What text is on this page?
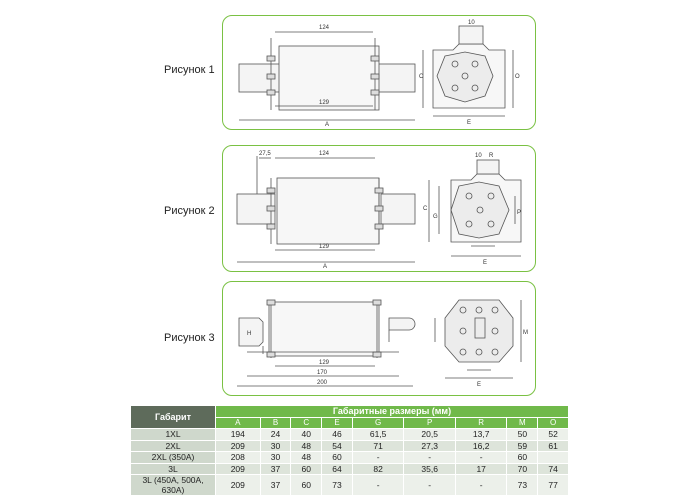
Рисунок 1
Рисунок 2
Рисунок 3
124
129
A
10
C	O
E
27,5	124
129
A
10 R
C
G
P
E
H
129
170
200
M
E
Габарит	Габаритные размеры (мм)								
	A	B	C	E	G	P	R	M	O
1XL	194	24	40	46	61,5	20,5	13,7	50	52
2XL	209	30	48	54	71	27,3	16,2	59	61
2XL (350A)	208	30	48	60	-	-	-	60	
3L	209	37	60	64	82	35,6	17	70	74
3L (450A, 500A, 630A)	209	37	60	73	-	-	-	73	77
